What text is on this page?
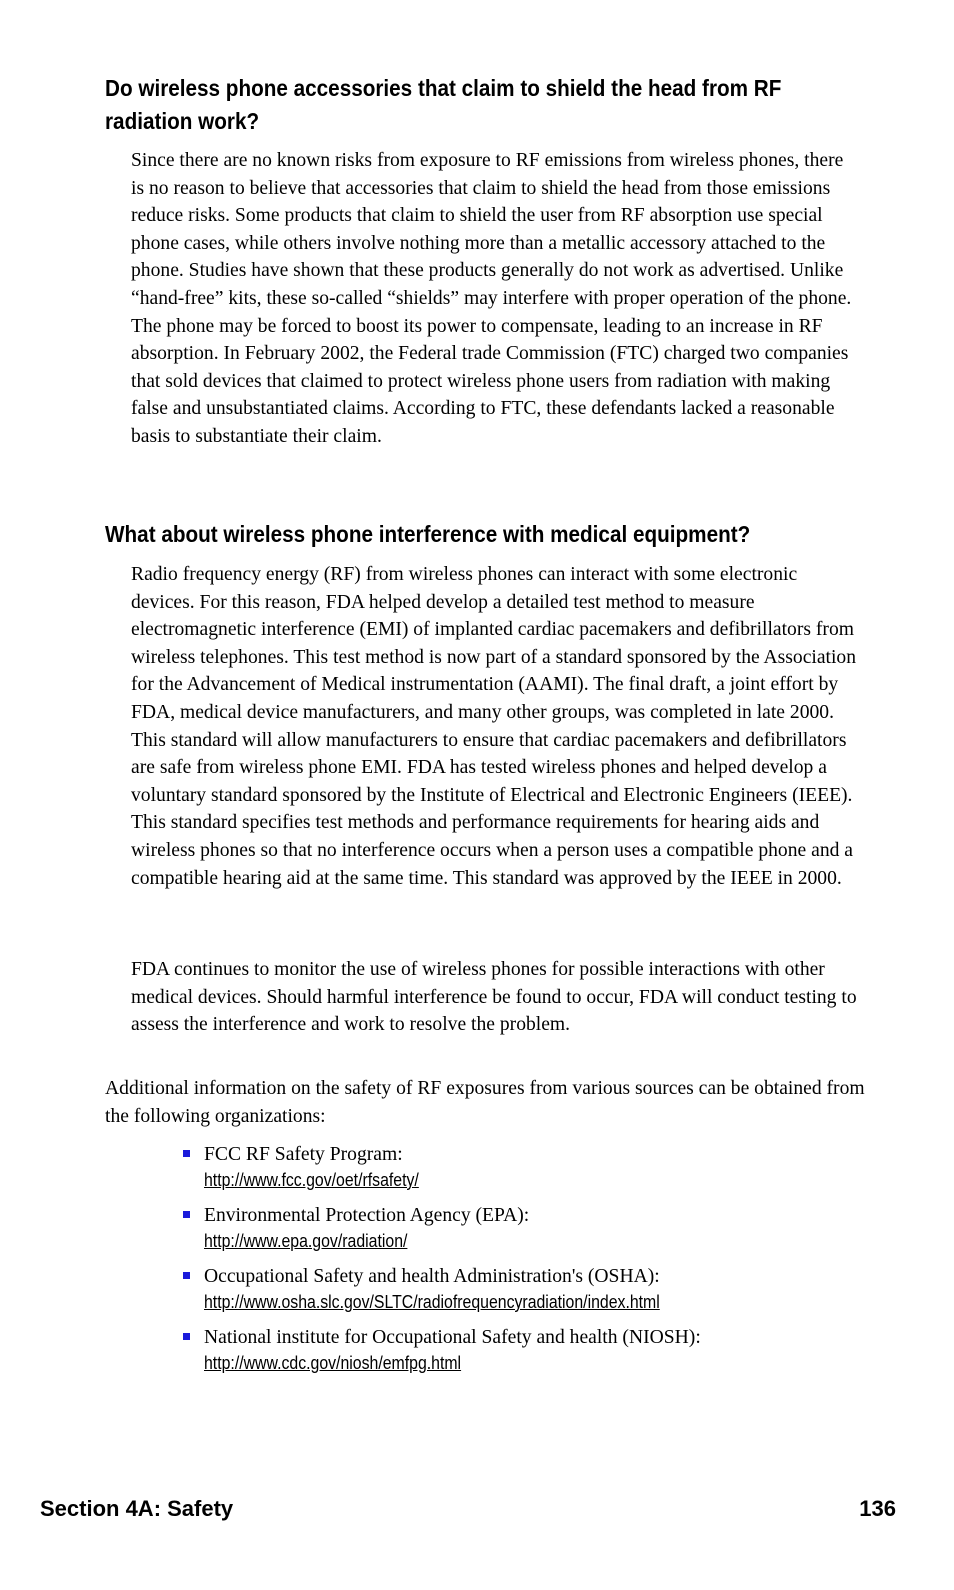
Do wireless phone accessories that claim to shield the head from RF
radiation work?

Since there are no known risks from exposure to RF emissions from wireless phones, there is no reason to believe that accessories that claim to shield the head from those emissions reduce risks. Some products that claim to shield the user from RF absorption use special phone cases, while others involve nothing more than a metallic accessory attached to the phone. Studies have shown that these products generally do not work as advertised. Unlike “hand-free” kits, these so-called “shields” may interfere with proper operation of the phone. The phone may be forced to boost its power to compensate, leading to an increase in RF absorption. In February 2002, the Federal trade Commission (FTC) charged two companies that sold devices that claimed to protect wireless phone users from radiation with making false and unsubstantiated claims. According to FTC, these defendants lacked a reasonable basis to substantiate their claim.

What about wireless phone interference with medical equipment?

Radio frequency energy (RF) from wireless phones can interact with some electronic devices. For this reason, FDA helped develop a detailed test method to measure electromagnetic interference (EMI) of implanted cardiac pacemakers and defibrillators from wireless telephones. This test method is now part of a standard sponsored by the Association for the Advancement of Medical instrumentation (AAMI). The final draft, a joint effort by FDA, medical device manufacturers, and many other groups, was completed in late 2000. This standard will allow manufacturers to ensure that cardiac pacemakers and defibrillators are safe from wireless phone EMI. FDA has tested wireless phones and helped develop a voluntary standard sponsored by the Institute of Electrical and Electronic Engineers (IEEE). This standard specifies test methods and performance requirements for hearing aids and wireless phones so that no interference occurs when a person uses a compatible phone and a compatible hearing aid at the same time. This standard was approved by the IEEE in 2000.

FDA continues to monitor the use of wireless phones for possible interactions with other medical devices. Should harmful interference be found to occur, FDA will conduct testing to assess the interference and work to resolve the problem.

Additional information on the safety of RF exposures from various sources can be obtained from the following organizations:

FCC RF Safety Program:
http://www.fcc.gov/oet/rfsafety/
Environmental Protection Agency (EPA):
http://www.epa.gov/radiation/
Occupational Safety and health Administration's (OSHA):
http://www.osha.slc.gov/SLTC/radiofrequencyradiation/index.html
National institute for Occupational Safety and health (NIOSH):
http://www.cdc.gov/niosh/emfpg.html
Section 4A: Safety	136
